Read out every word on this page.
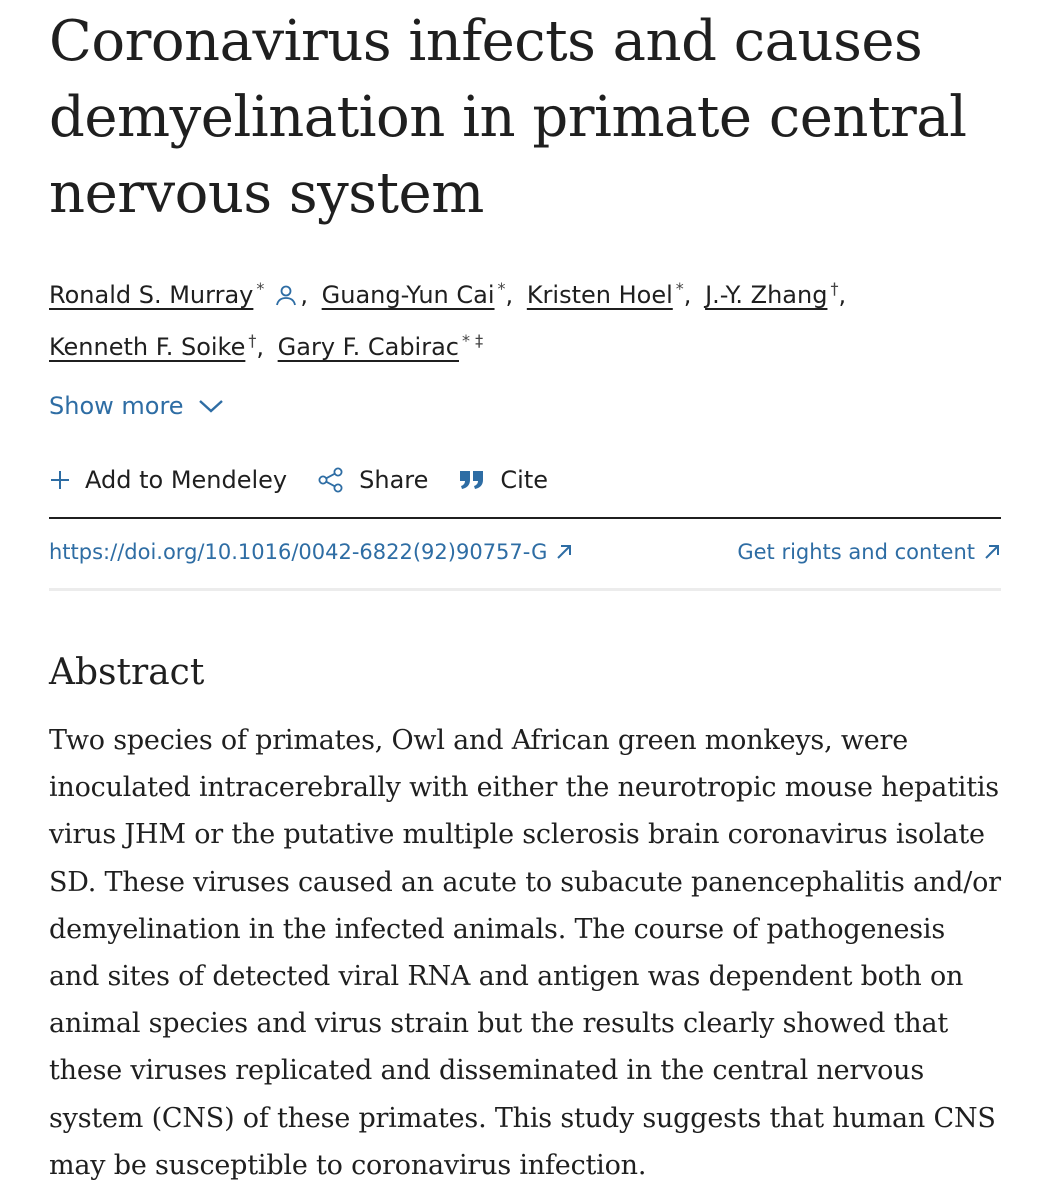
Coronavirus infects and causes demyelination in primate central nervous system
Ronald S. Murray * , Guang-Yun Cai *, Kristen Hoel *, J.-Y. Zhang †,
Kenneth F. Soike †, Gary F. Cabirac * ‡
Show more
Add to Mendeley	Share	Cite
https://doi.org/10.1016/0042-6822(92)90757-G	Get rights and content
Abstract

Two species of primates, Owl and African green monkeys, were inoculated intracerebrally with either the neurotropic mouse hepatitis virus JHM or the putative multiple sclerosis brain coronavirus isolate SD. These viruses caused an acute to subacute panencephalitis and/or demyelination in the infected animals. The course of pathogenesis and sites of detected viral RNA and antigen was dependent both on animal species and virus strain but the results clearly showed that these viruses replicated and disseminated in the central nervous system (CNS) of these primates. This study suggests that human CNS may be susceptible to coronavirus infection.
